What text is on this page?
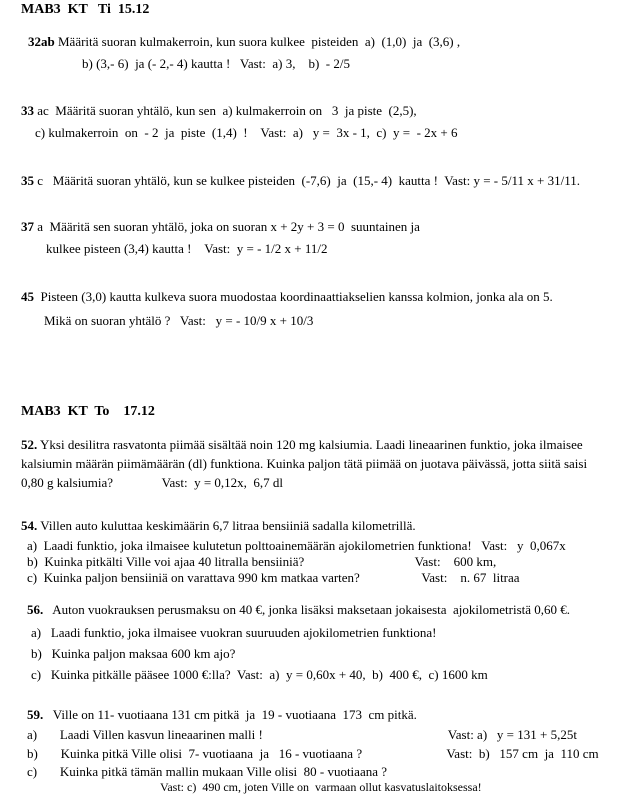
MAB3  KT   Ti  15.12
32ab Määritä suoran kulmakerroin, kun suora kulkee  pisteiden  a)  (1,0)  ja  (3,6) ,
b) (3,- 6)  ja (- 2,- 4) kautta !   Vast:  a) 3,    b)  - 2/5
33 ac  Määritä suoran yhtälö, kun sen  a) kulmakerroin on   3  ja piste  (2,5),
c) kulmakerroin  on  - 2  ja  piste  (1,4)  !    Vast:  a)   y =  3x - 1,  c)  y =  - 2x + 6
35 c   Määritä suoran yhtälö, kun se kulkee pisteiden  (-7,6)  ja  (15,- 4)  kautta !  Vast: y = - 5/11 x + 31/11.
37 a  Määritä sen suoran yhtälö, joka on suoran x + 2y + 3 = 0  suuntainen ja
kulkee pisteen (3,4) kautta !    Vast:  y = - 1/2 x + 11/2
45  Pisteen (3,0) kautta kulkeva suora muodostaa koordinaattiakselien kanssa kolmion, jonka ala on 5.
Mikä on suoran yhtälö ?   Vast:   y = - 10/9 x + 10/3
MAB3  KT  To    17.12
52. Yksi desilitra rasvatonta piimää sisältää noin 120 mg kalsiumia. Laadi lineaarinen funktio, joka ilmaisee
kalsiumin määrän piimämäärän (dl) funktiona. Kuinka paljon tätä piimää on juotava päivässä, jotta siitä saisi
0,80 g kalsiumia?               Vast:  y = 0,12x,  6,7 dl
54. Villen auto kuluttaa keskimäärin 6,7 litraa bensiiniä sadalla kilometrillä.
a)  Laadi funktio, joka ilmaisee kulutetun polttoainemäärän ajokilometrien funktiona!   Vast:   y  0,067x
b)  Kuinka pitkälti Ville voi ajaa 40 litralla bensiiniä?                                  Vast:    600 km,
c)  Kuinka paljon bensiiniä on varattava 990 km matkaa varten?                   Vast:    n. 67  litraa
56.   Auton vuokrauksen perusmaksu on 40 €, jonka lisäksi maksetaan jokaisesta  ajokilometristä 0,60 €.
a)   Laadi funktio, joka ilmaisee vuokran suuruuden ajokilometrien funktiona!
b)   Kuinka paljon maksaa 600 km ajo?
c)   Kuinka pitkälle pääsee 1000 €:lla?  Vast:  a)  y = 0,60x + 40,  b)  400 €,  c) 1600 km
59.   Ville on 11- vuotiaana 131 cm pitkä  ja  19 - vuotiaana  173  cm pitkä.
a)       Laadi Villen kasvun lineaarinen malli !                                                         Vast: a)   y = 131 + 5,25t
b)       Kuinka pitkä Ville olisi  7- vuotiaana  ja   16 - vuotiaana ?                          Vast:  b)   157 cm  ja  110 cm
c)       Kuinka pitkä tämän mallin mukaan Ville olisi  80 - vuotiaana ?
Vast: c)  490 cm, joten Ville on  varmaan ollut kasvatuslaitoksessa!
